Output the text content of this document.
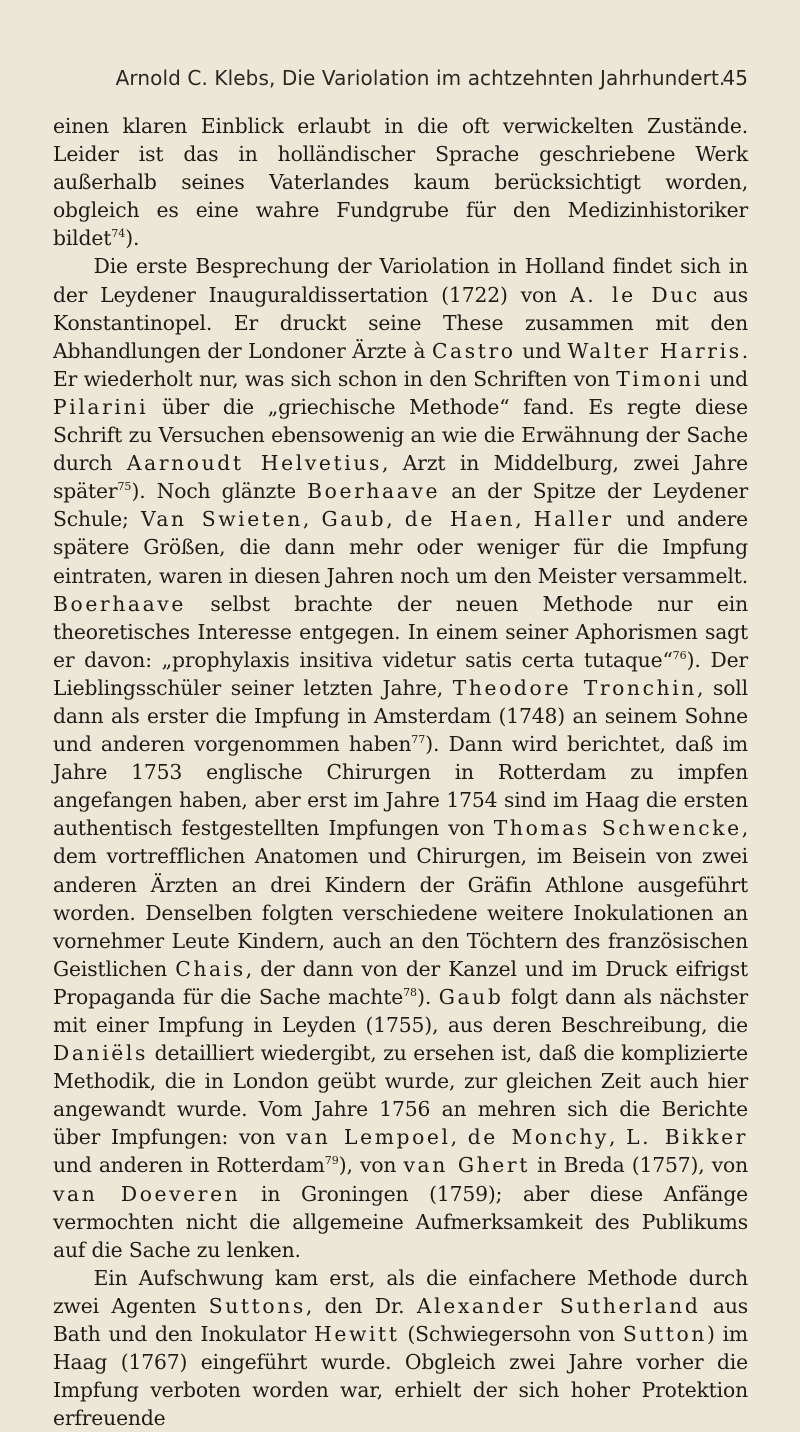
Arnold C. Klebs, Die Variolation im achtzehnten Jahrhundert.
45

einen klaren Einblick erlaubt in die oft verwickelten Zustände. Leider ist das in holländischer Sprache geschriebene Werk außerhalb seines Vaterlandes kaum berücksichtigt worden, obgleich es eine wahre Fundgrube für den Medizinhistoriker bildet$^{74}$).

Die erste Besprechung der Variolation in Holland findet sich in der Leydener Inauguraldissertation (1722) von A. le Duc aus Konstantinopel. Er druckt seine These zusammen mit den Abhandlungen der Londoner Ärzte à Castro und Walter Harris. Er wiederholt nur, was sich schon in den Schriften von Timoni und Pilarini über die „griechische Methode“ fand. Es regte diese Schrift zu Versuchen ebensowenig an wie die Erwähnung der Sache durch Aarnoudt Helvetius, Arzt in Middelburg, zwei Jahre später$^{75}$). Noch glänzte Boerhaave an der Spitze der Leydener Schule; Van Swieten, Gaub, de Haen, Haller und andere spätere Größen, die dann mehr oder weniger für die Impfung eintraten, waren in diesen Jahren noch um den Meister versammelt. Boerhaave selbst brachte der neuen Methode nur ein theoretisches Interesse entgegen. In einem seiner Aphorismen sagt er davon: „prophylaxis insitiva videtur satis certa tutaque“$^{76}$). Der Lieblingsschüler seiner letzten Jahre, Theodore Tronchin, soll dann als erster die Impfung in Amsterdam (1748) an seinem Sohne und anderen vorgenommen haben$^{77}$). Dann wird berichtet, daß im Jahre 1753 englische Chirurgen in Rotterdam zu impfen angefangen haben, aber erst im Jahre 1754 sind im Haag die ersten authentisch festgestellten Impfungen von Thomas Schwencke, dem vortrefflichen Anatomen und Chirurgen, im Beisein von zwei anderen Ärzten an drei Kindern der Gräfin Athlone ausgeführt worden. Denselben folgten verschiedene weitere Inokulationen an vornehmer Leute Kindern, auch an den Töchtern des französischen Geistlichen Chais, der dann von der Kanzel und im Druck eifrigst Propaganda für die Sache machte$^{78}$). Gaub folgt dann als nächster mit einer Impfung in Leyden (1755), aus deren Beschreibung, die Daniëls detailliert wiedergibt, zu ersehen ist, daß die komplizierte Methodik, die in London geübt wurde, zur gleichen Zeit auch hier angewandt wurde. Vom Jahre 1756 an mehren sich die Berichte über Impfungen: von van Lempoel, de Monchy, L. Bikker und anderen in Rotterdam$^{79}$), von van Ghert in Breda (1757), von van Doeveren in Groningen (1759); aber diese Anfänge vermochten nicht die allgemeine Aufmerksamkeit des Publikums auf die Sache zu lenken.

Ein Aufschwung kam erst, als die einfachere Methode durch zwei Agenten Suttons, den Dr. Alexander Sutherland aus Bath und den Inokulator Hewitt (Schwiegersohn von Sutton) im Haag (1767) eingeführt wurde. Obgleich zwei Jahre vorher die Impfung verboten worden war, erhielt der sich hoher Protektion erfreuende
